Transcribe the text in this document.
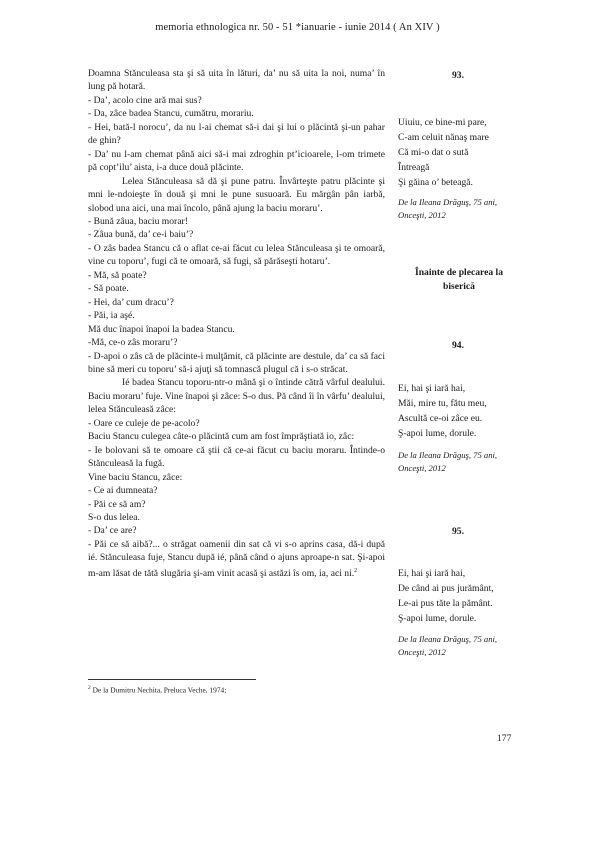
memoria ethnologica nr. 50 - 51 *ianuarie - iunie 2014 ( An XIV )

Doamna Stănculeasa sta şi să uita în lături, da’ nu să uita la noi, numa’ în lung pă hotară.

- Da’, acolo cine ară mai sus?

- Da, zâce badea Stancu, cumătru, morariu.

- Hei, bată-l norocu’, da nu l-ai chemat să-i dai şi lui o plăcintă şi-un pahar de ghin?

- Da’ nu l-am chemat până aici să-i mai zdroghin pt’icioarele, l-om trimete pă copt’ilu’ aista, i-a duce două plăcinte.

Lelea Stănculeasa să dă şi pune patru. Învârteşte patru plăcinte şi mni le-ndoieşte în două şi mni le pune susuoară. Eu mărgân pân iarbă, slobod una aici, una mai încolo, până ajung la baciu moraru’.

- Bună zâua, baciu morar!

- Zâua bună, da’ ce-i baiu’?

- O zâs badea Stancu că o aflat ce-ai făcut cu lelea Stănculeasa şi te omoară, vine cu toporu’, fugi că te omoară, să fugi, să părăseşti hotaru’.

- Mă, să poate?

- Să poate.

- Hei, da’ cum dracu’?

- Păi, ia aşé.

Mă duc înapoi înapoi la badea Stancu.

-Mă, ce-o zâs moraru’?

- D-apoi o zâs că de plăcinte-i mulţămit, că plăcinte are destule, da’ ca să faci bine să meri cu toporu’ să-i ajuţi să tomnască plugul că i s-o străcat.

Ié badea Stancu toporu-ntr-o mână şi o întinde cătră vârful dealului. Baciu moraru’ fuje. Vine înapoi şi zâce: S-o dus. Pă când îi în vârfu’ dealului, lelea Stănculeasă zâce:

- Oare ce culeje de pe-acolo?

Baciu Stancu culegea câte-o plăcintă cum am fost împrăştiată io, zâc:

- Ie bolovani să te omoare că ştii că ce-ai făcut cu baciu moraru. Întinde-o Stănculeasă la fugă.

Vine baciu Stancu, zâce:

- Ce ai dumneata?

- Păi ce să am?

S-o dus lelea.

- Da’ ce are?

- Păi ce să aibă?... o străgat oamenii din sat că vi s-o aprins casa, dă-i după ié. Stănculeasa fuje, Stancu după ié, până când o ajuns aproape-n sat. Şi-apoi m-am lăsat de tătă slugăria şi-am vinit acasă şi astăzi îs om, ia, aci ni.$^2$

93.
Uiuiu, ce bine-mi pare,
C-am celuit nănaş mare
Că mi-o dat o sută
Întreagă
Şi găina o’ beteagă.
De la Ileana Drăguş, 75 ani, Onceşti, 2012
Înainte de plecarea la biserică
94.
Ei, hai şi iară hai,
Măi, mire tu, fătu meu,
Ascultă ce-oi zâce eu.
Ş-apoi lume, dorule.
De la Ileana Drăguş, 75 ani, Onceşti, 2012
95.
Ei, hai şi iară hai,
De când ai pus jurământ,
Le-ai pus tăte la pământ.
Ş-apoi lume, dorule.
De la Ileana Drăguş, 75 ani, Onceşti, 2012
$^2$ De la Dumitru Nechita, Preluca Veche, 1974;
177
